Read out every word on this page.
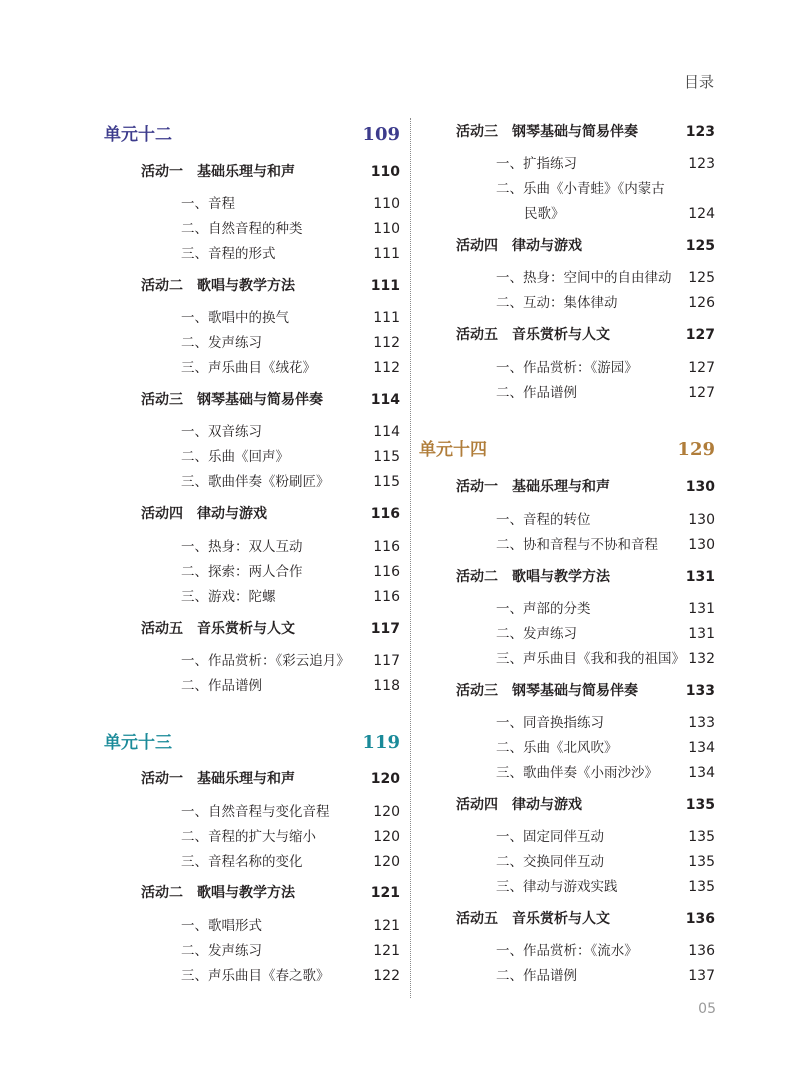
目录
05
单元十二	109
活动一　基础乐理与和声	110
一、音程	110
二、自然音程的种类	110
三、音程的形式	111
活动二　歌唱与教学方法	111
一、歌唱中的换气	111
二、发声练习	112
三、声乐曲目《绒花》	112
活动三　钢琴基础与简易伴奏	114
一、双音练习	114
二、乐曲《回声》	115
三、歌曲伴奏《粉刷匠》	115
活动四　律动与游戏	116
一、热身：双人互动	116
二、探索：两人合作	116
三、游戏：陀螺	116
活动五　音乐赏析与人文	117
一、作品赏析：《彩云追月》 117
二、作品谱例	118
单元十三	119
活动一　基础乐理与和声	120
一、自然音程与变化音程	120
二、音程的扩大与缩小	120
三、音程名称的变化	120
活动二　歌唱与教学方法	121
一、歌唱形式	121
二、发声练习	121
三、声乐曲目《春之歌》	122
活动三　钢琴基础与简易伴奏	123
一、扩指练习	123
二、乐曲《小青蛙》《内蒙古
民歌》	124
活动四　律动与游戏	125
一、热身：空间中的自由律动 125
二、互动：集体律动	126
活动五　音乐赏析与人文	127
一、作品赏析：《游园》	127
二、作品谱例	127
单元十四	129
活动一　基础乐理与和声	130
一、音程的转位	130
二、协和音程与不协和音程 130
活动二　歌唱与教学方法	131
一、声部的分类	131
二、发声练习	131
三、声乐曲目《我和我的祖国》 132
活动三　钢琴基础与简易伴奏	133
一、同音换指练习	133
二、乐曲《北风吹》	134
三、歌曲伴奏《小雨沙沙》 134
活动四　律动与游戏	135
一、固定同伴互动	135
二、交换同伴互动	135
三、律动与游戏实践	135
活动五　音乐赏析与人文	136
一、作品赏析：《流水》	136
二、作品谱例	137
